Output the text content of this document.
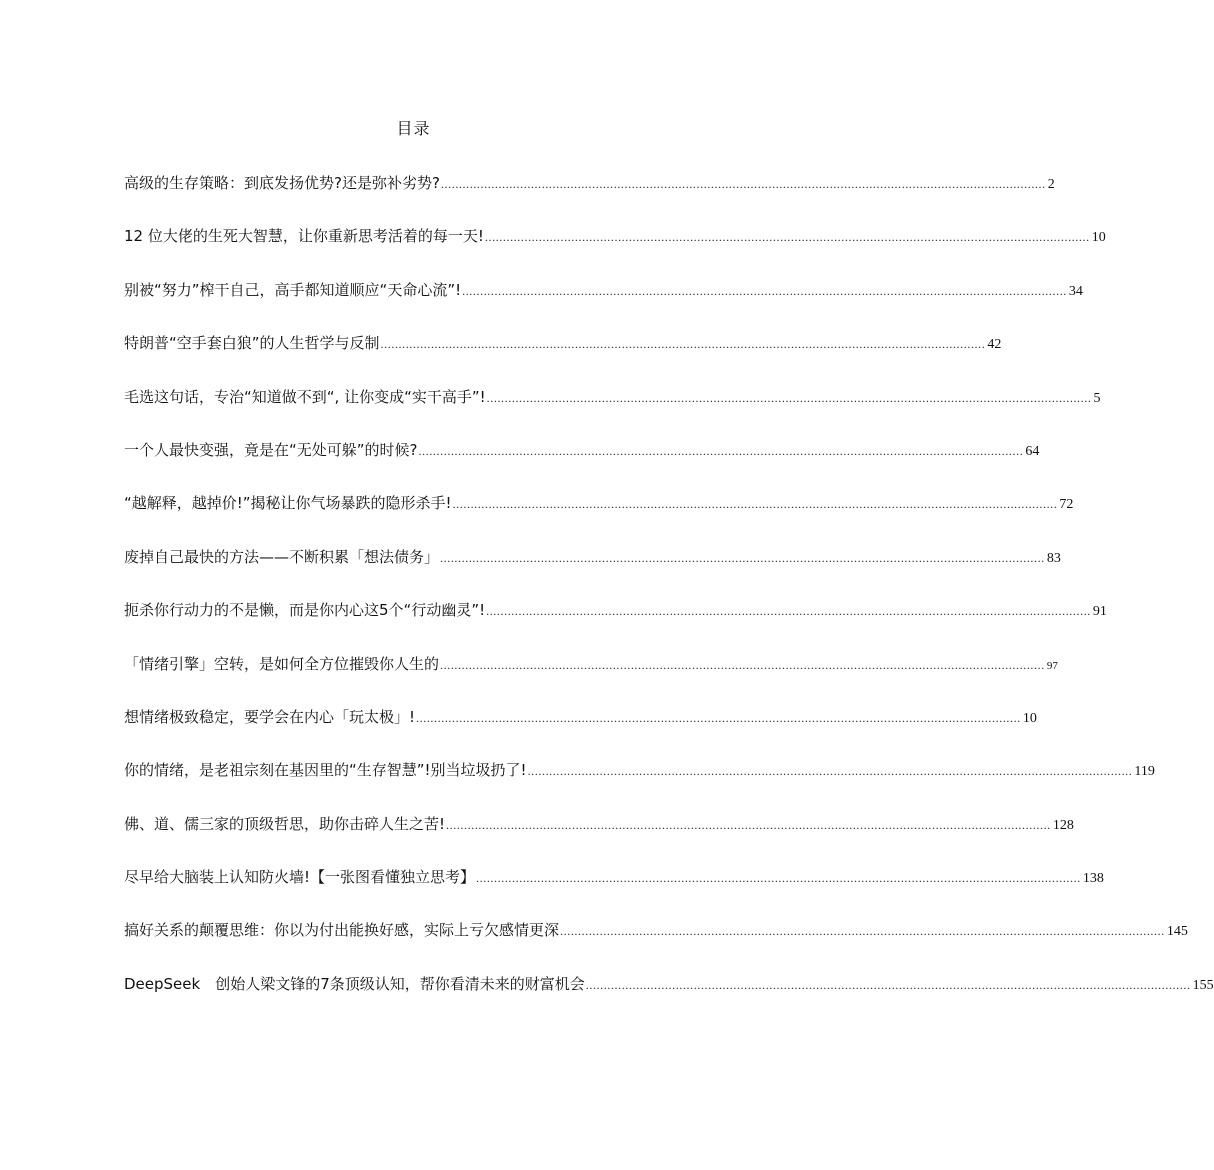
目录
高级的生存策略：到底发扬优势?还是弥补劣势? .....	2
12 位大佬的生死大智慧，让你重新思考活着的每一天! .....	10
别被“努力”榨干自己，高手都知道顺应“天命心流”! .....	34
特朗普“空手套白狼”的人生哲学与反制 .....	42
毛选这句话，专治“知道做不到“, 让你变成“实干高手”! .....	5
一个人最快变强，竟是在“无处可躲”的时候? .....	64
“越解释，越掉价!”揭秘让你气场暴跌的隐形杀手! .....	72
废掉自己最快的方法——不断积累「想法债务」 .....	83
扼杀你行动力的不是懒，而是你内心这5个“行动幽灵”! .....	91
「情绪引擎」空转，是如何全方位摧毁你人生的 .....	97
想情绪极致稳定，要学会在内心「玩太极」! .....	10
你的情绪，是老祖宗刻在基因里的“生存智慧”!别当垃圾扔了! .....	119
佛、道、儒三家的顶级哲思，助你击碎人生之苦! .....	128
尽早给大脑装上认知防火墙!【一张图看懂独立思考】 .....	138
搞好关系的颠覆思维：你以为付出能换好感，实际上亏欠感情更深 .....	145
DeepSeek　创始人梁文锋的7条顶级认知，帮你看清未来的财富机会 .....	155
